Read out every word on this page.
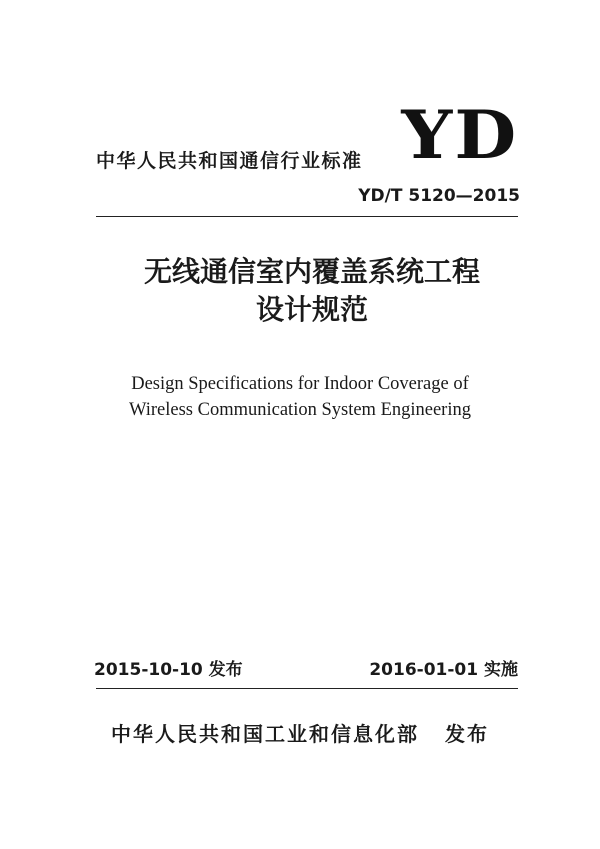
YD
中华人民共和国通信行业标准
YD/T 5120—2015
无线通信室内覆盖系统工程
设计规范
Design Specifications for Indoor Coverage of
Wireless Communication System Engineering
2015-10-10 发布	2016-01-01 实施
中华人民共和国工业和信息化部 发布
